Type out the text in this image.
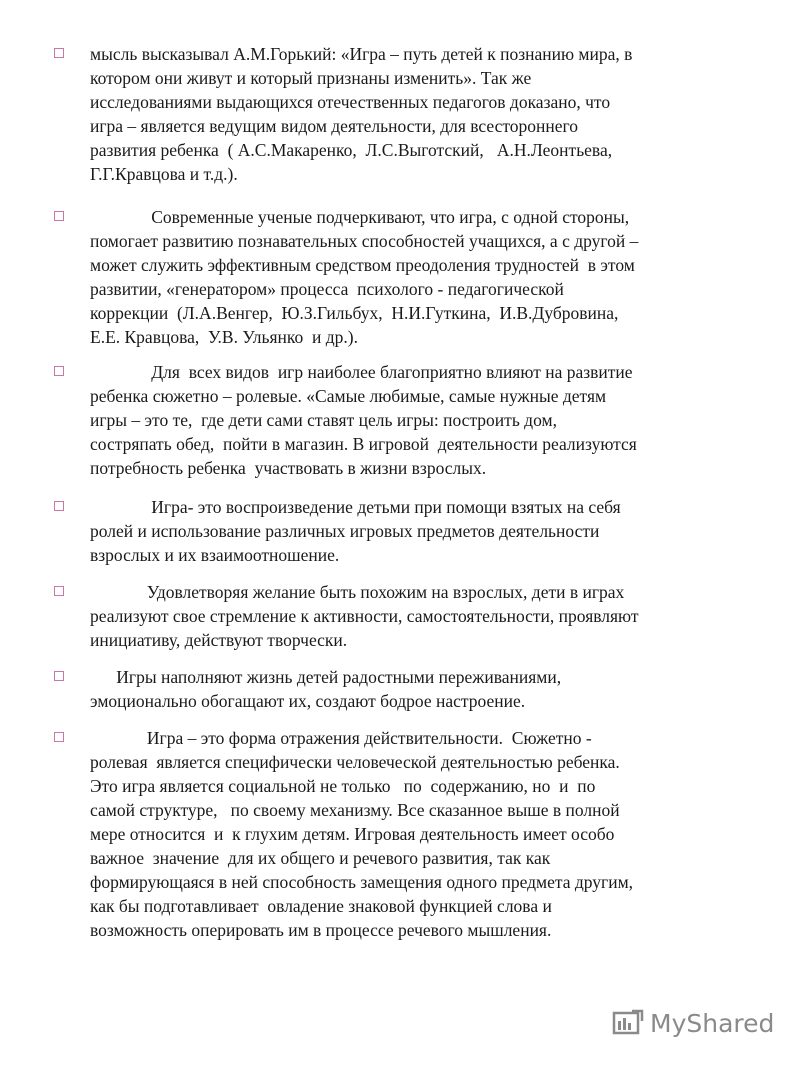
мысль высказывал А.М.Горький: «Игра – путь детей к познанию мира, в
котором они живут и который признаны изменить». Так же
исследованиями выдающихся отечественных педагогов доказано, что
игра – является ведущим видом деятельности, для всестороннего
развития ребенка  ( А.С.Макаренко,  Л.С.Выготский,   А.Н.Леонтьева,
Г.Г.Кравцова и т.д.).
Современные ученые подчеркивают, что игра, с одной стороны,
помогает развитию познавательных способностей учащихся, а с другой –
может служить эффективным средством преодоления трудностей  в этом
развитии, «генератором» процесса  психолого - педагогической
коррекции  (Л.А.Венгер,  Ю.З.Гильбух,  Н.И.Гуткина,  И.В.Дубровина,
Е.Е. Кравцова,  У.В. Ульянко  и др.).
Для  всех видов  игр наиболее благоприятно влияют на развитие
ребенка сюжетно – ролевые. «Самые любимые, самые нужные детям
игры – это те,  где дети сами ставят цель игры: построить дом,
состряпать обед,  пойти в магазин. В игровой  деятельности реализуются
потребность ребенка  участвовать в жизни взрослых.
Игра- это воспроизведение детьми при помощи взятых на себя
ролей и использование различных игровых предметов деятельности
взрослых и их взаимоотношение.
Удовлетворяя желание быть похожим на взрослых, дети в играх
реализуют свое стремление к активности, самостоятельности, проявляют
инициативу, действуют творчески.
Игры наполняют жизнь детей радостными переживаниями,
эмоционально обогащают их, создают бодрое настроение.
Игра – это форма отражения действительности.  Сюжетно -
ролевая  является специфически человеческой деятельностью ребенка.
Это игра является социальной не только   по  содержанию, но  и  по
самой структуре,   по своему механизму. Все сказанное выше в полной
мере относится  и  к глухим детям. Игровая деятельность имеет особо
важное  значение  для их общего и речевого развития, так как
формирующаяся в ней способность замещения одного предмета другим,
как бы подготавливает  овладение знаковой функцией слова и
возможность оперировать им в процессе речевого мышления.
MyShared
